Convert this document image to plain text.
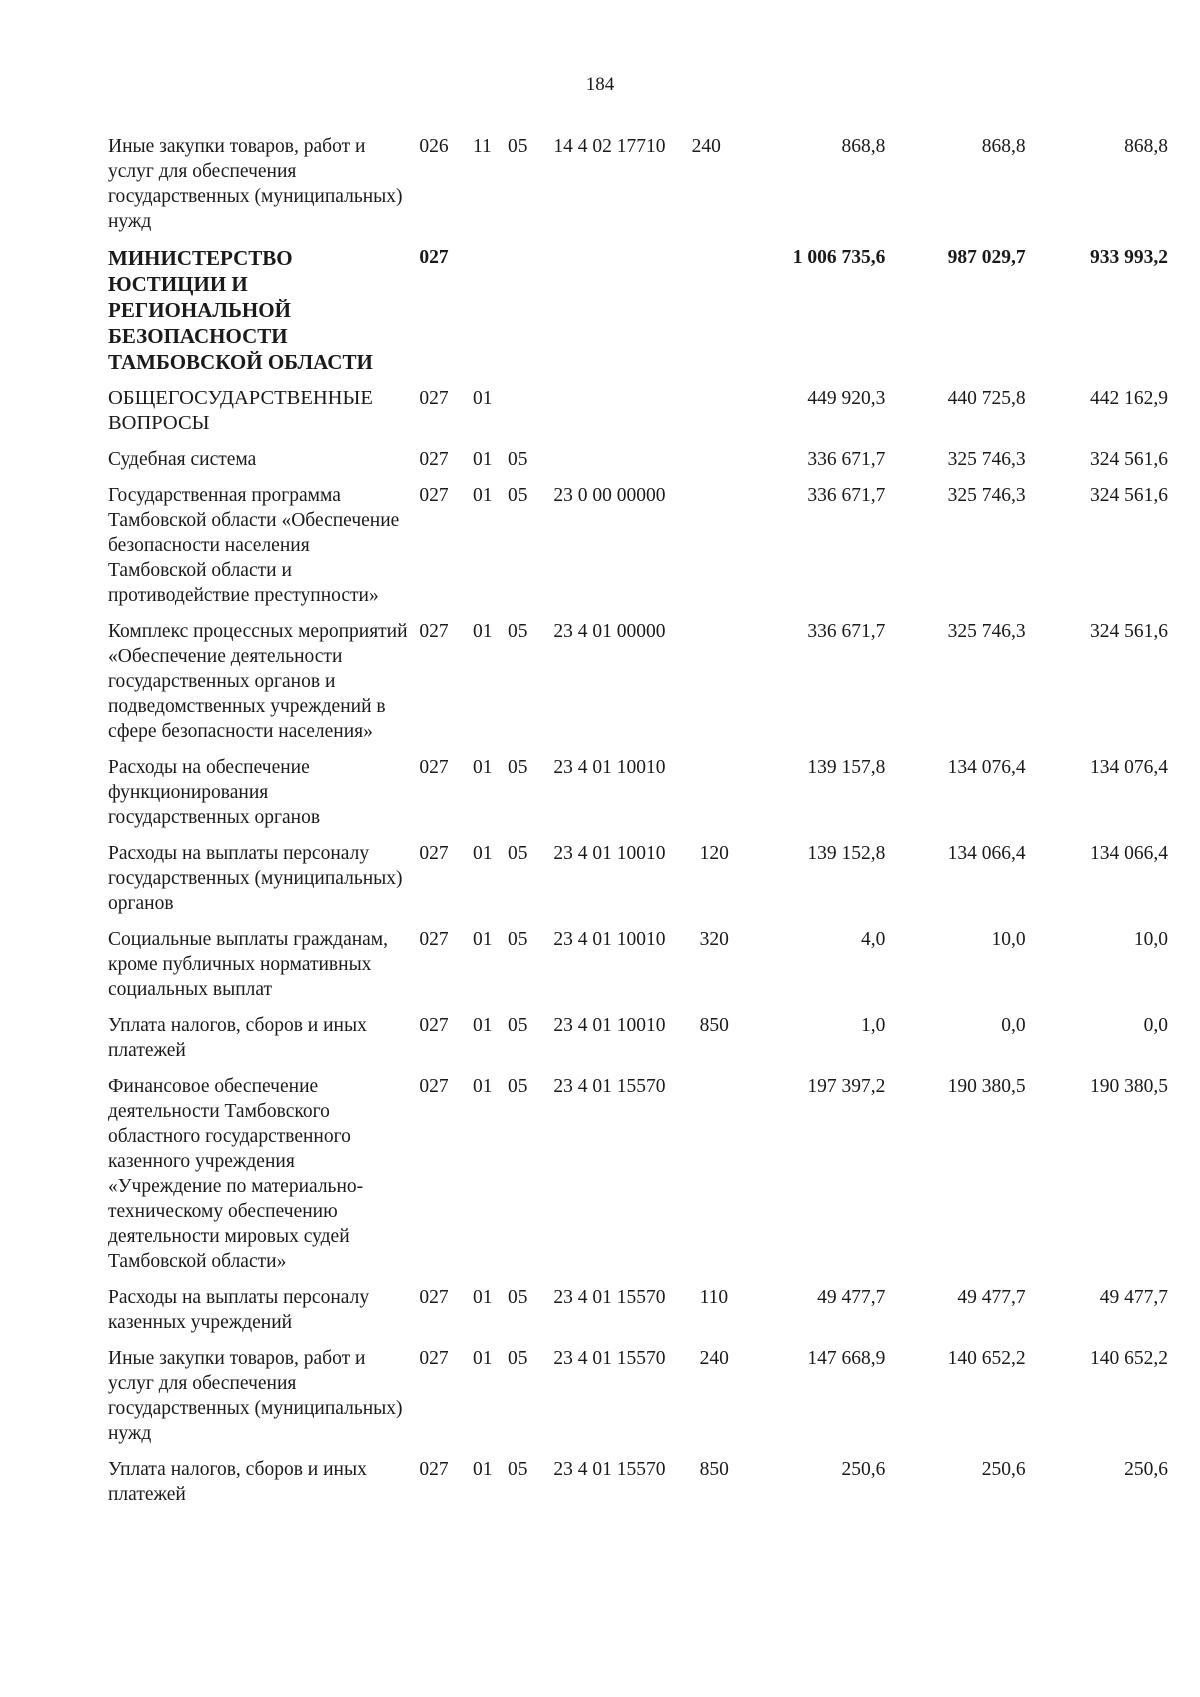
184
Иные закупки товаров, работ и услуг для обеспечения государственных (муниципальных) нужд	026	11	05	14 4 02 17710	240	868,8	868,8	868,8
МИНИСТЕРСТВО ЮСТИЦИИ И РЕГИОНАЛЬНОЙ БЕЗОПАСНОСТИ ТАМБОВСКОЙ ОБЛАСТИ	027					1 006 735,6	987 029,7	933 993,2
ОБЩЕГОСУДАРСТВЕННЫЕ ВОПРОСЫ	027	01				449 920,3	440 725,8	442 162,9
Судебная система	027	01	05			336 671,7	325 746,3	324 561,6
Государственная программа Тамбовской области «Обеспечение безопасности населения Тамбовской области и противодействие преступности»	027	01	05	23 0 00 00000		336 671,7	325 746,3	324 561,6
Комплекс процессных мероприятий «Обеспечение деятельности государственных органов и подведомственных учреждений в сфере безопасности населения»	027	01	05	23 4 01 00000		336 671,7	325 746,3	324 561,6
Расходы на обеспечение функционирования государственных органов	027	01	05	23 4 01 10010		139 157,8	134 076,4	134 076,4
Расходы на выплаты персоналу государственных (муниципальных) органов	027	01	05	23 4 01 10010	120	139 152,8	134 066,4	134 066,4
Социальные выплаты гражданам, кроме публичных нормативных социальных выплат	027	01	05	23 4 01 10010	320	4,0	10,0	10,0
Уплата налогов, сборов и иных платежей	027	01	05	23 4 01 10010	850	1,0	0,0	0,0
Финансовое обеспечение деятельности Тамбовского областного государственного казенного учреждения «Учреждение по материально-техническому обеспечению деятельности мировых судей Тамбовской области»	027	01	05	23 4 01 15570		197 397,2	190 380,5	190 380,5
Расходы на выплаты персоналу казенных учреждений	027	01	05	23 4 01 15570	110	49 477,7	49 477,7	49 477,7
Иные закупки товаров, работ и услуг для обеспечения государственных (муниципальных) нужд	027	01	05	23 4 01 15570	240	147 668,9	140 652,2	140 652,2
Уплата налогов, сборов и иных платежей	027	01	05	23 4 01 15570	850	250,6	250,6	250,6
